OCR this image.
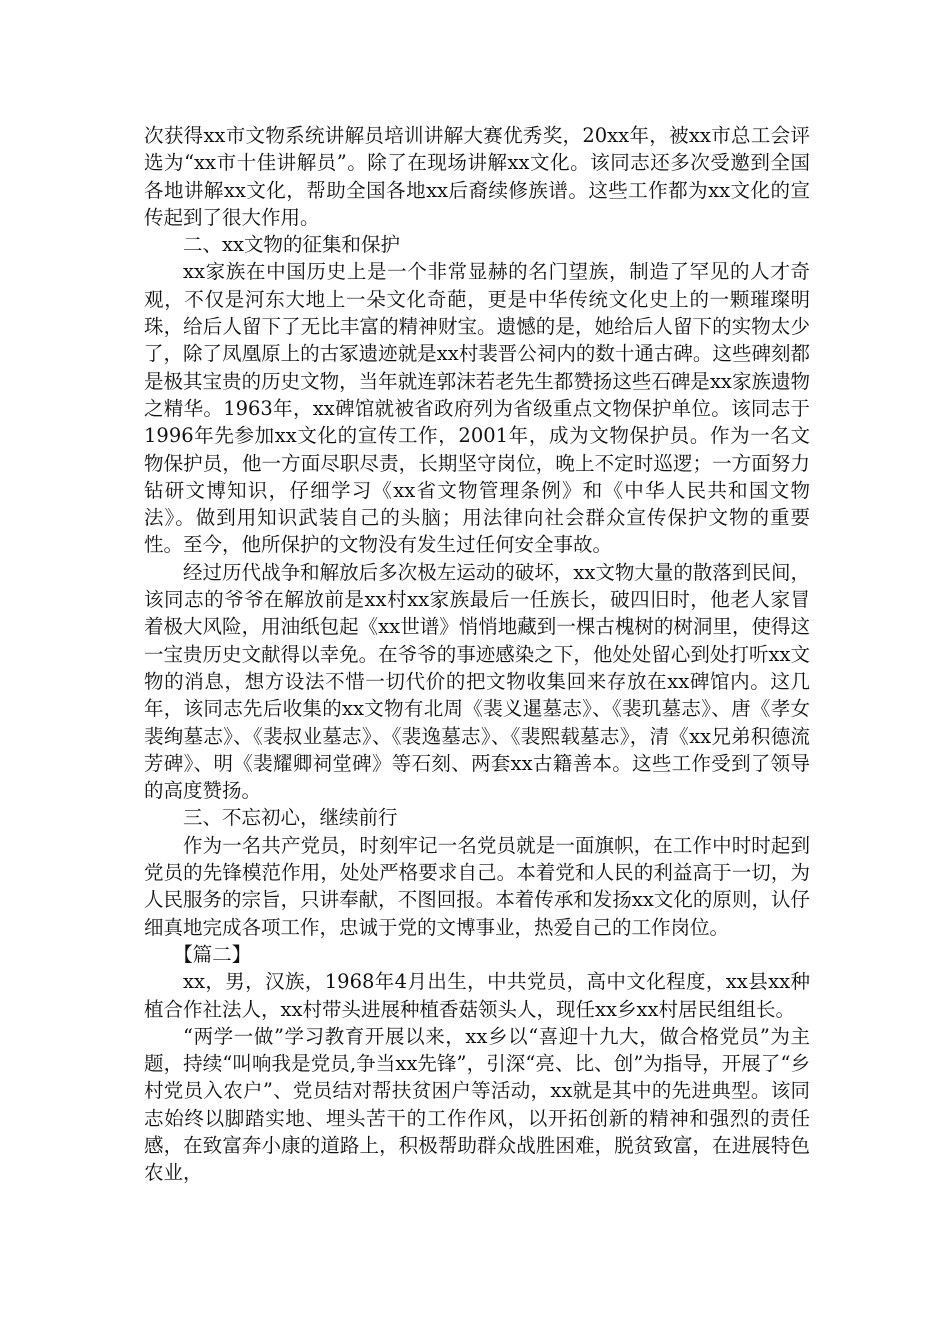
次获得xx市文物系统讲解员培训讲解大赛优秀奖，20xx年，被xx市总工会评选为“xx市十佳讲解员”。除了在现场讲解xx文化。该同志还多次受邀到全国各地讲解xx文化，帮助全国各地xx后裔续修族谱。这些工作都为xx文化的宣传起到了很大作用。

二、xx文物的征集和保护

xx家族在中国历史上是一个非常显赫的名门望族，制造了罕见的人才奇观，不仅是河东大地上一朵文化奇葩，更是中华传统文化史上的一颗璀璨明珠，给后人留下了无比丰富的精神财宝。遗憾的是，她给后人留下的实物太少了，除了凤凰原上的古冢遗迹就是xx村裴晋公祠内的数十通古碑。这些碑刻都是极其宝贵的历史文物，当年就连郭沫若老先生都赞扬这些石碑是xx家族遗物之精华。1963年，xx碑馆就被省政府列为省级重点文物保护单位。该同志于1996年先参加xx文化的宣传工作，2001年，成为文物保护员。作为一名文物保护员，他一方面尽职尽责，长期坚守岗位，晚上不定时巡逻；一方面努力钻研文博知识，仔细学习《xx省文物管理条例》和《中华人民共和国文物法》。做到用知识武装自己的头脑；用法律向社会群众宣传保护文物的重要性。至今，他所保护的文物没有发生过任何安全事故。

经过历代战争和解放后多次极左运动的破坏，xx文物大量的散落到民间，该同志的爷爷在解放前是xx村xx家族最后一任族长，破四旧时，他老人家冒着极大风险，用油纸包起《xx世谱》悄悄地藏到一棵古槐树的树洞里，使得这一宝贵历史文献得以幸免。在爷爷的事迹感染之下，他处处留心到处打听xx文物的消息，想方设法不惜一切代价的把文物收集回来存放在xx碑馆内。这几年，该同志先后收集的xx文物有北周《裴义暹墓志》、《裴玑墓志》、唐《孝女裴绚墓志》、《裴叔业墓志》、《裴逸墓志》、《裴熙载墓志》，清《xx兄弟积德流芳碑》、明《裴耀卿祠堂碑》等石刻、两套xx古籍善本。这些工作受到了领导的高度赞扬。

三、不忘初心，继续前行

作为一名共产党员，时刻牢记一名党员就是一面旗帜，在工作中时时起到党员的先锋模范作用，处处严格要求自己。本着党和人民的利益高于一切，为人民服务的宗旨，只讲奉献，不图回报。本着传承和发扬xx文化的原则，认仔细真地完成各项工作，忠诚于党的文博事业，热爱自己的工作岗位。

【篇二】

xx，男，汉族，1968年4月出生，中共党员，高中文化程度，xx县xx种植合作社法人，xx村带头进展种植香菇领头人，现任xx乡xx村居民组组长。

“两学一做”学习教育开展以来，xx乡以“喜迎十九大，做合格党员”为主题，持续“叫响我是党员,争当xx先锋”，引深“亮、比、创”为指导，开展了“乡村党员入农户”、党员结对帮扶贫困户等活动，xx就是其中的先进典型。该同志始终以脚踏实地、埋头苦干的工作作风，以开拓创新的精神和强烈的责任感，在致富奔小康的道路上，积极帮助群众战胜困难，脱贫致富，在进展特色农业，
